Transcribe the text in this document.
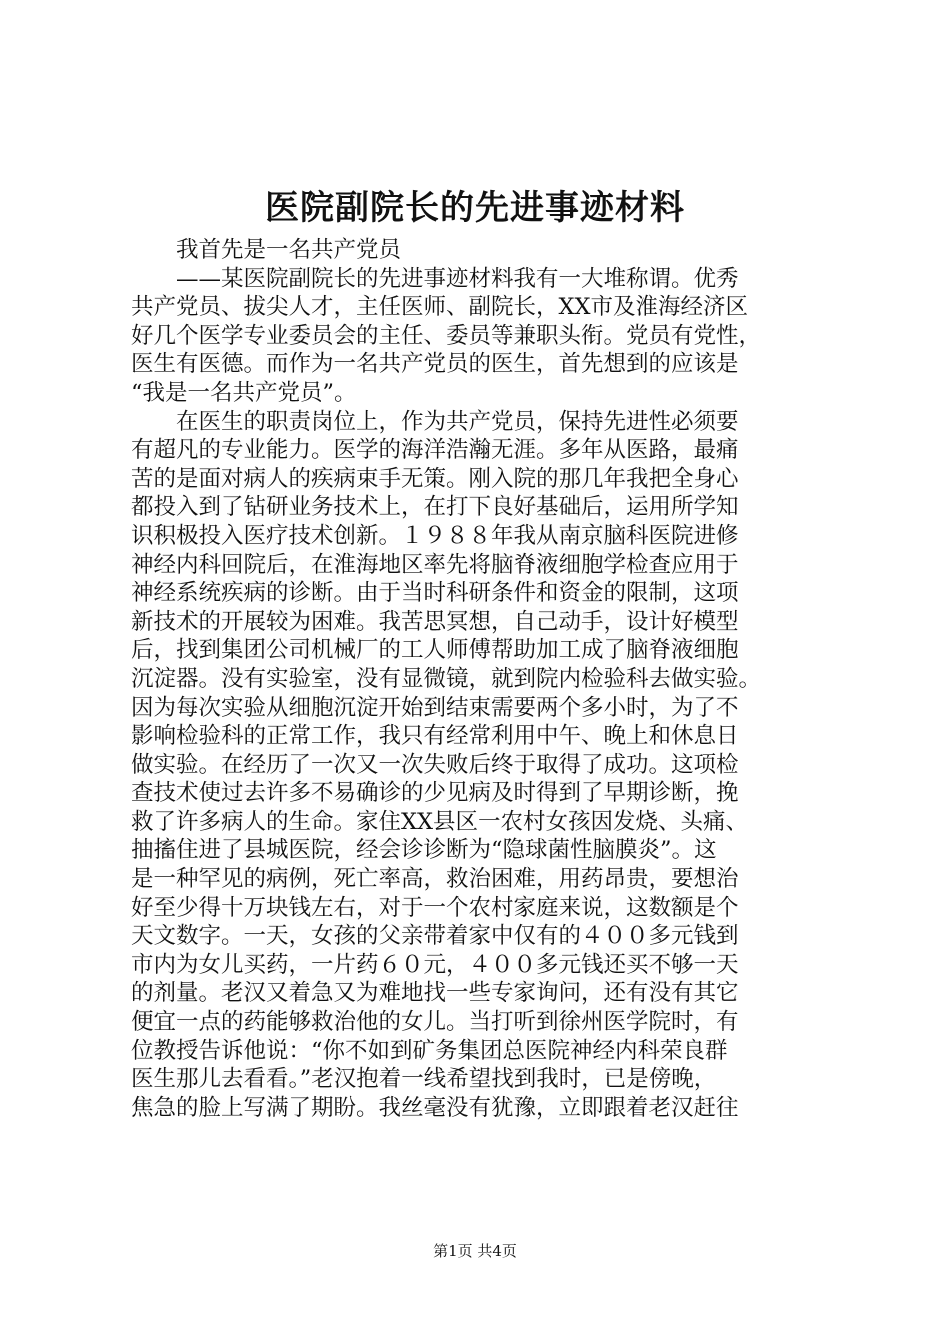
医院副院长的先进事迹材料
　　我首先是一名共产党员
　　——某医院副院长的先进事迹材料我有一大堆称谓。优秀
共产党员、拔尖人才，主任医师、副院长，XX市及淮海经济区
好几个医学专业委员会的主任、委员等兼职头衔。党员有党性，
医生有医德。而作为一名共产党员的医生，首先想到的应该是
“我是一名共产党员”。
　　在医生的职责岗位上，作为共产党员，保持先进性必须要
有超凡的专业能力。医学的海洋浩瀚无涯。多年从医路，最痛
苦的是面对病人的疾病束手无策。刚入院的那几年我把全身心
都投入到了钻研业务技术上，在打下良好基础后，运用所学知
识积极投入医疗技术创新。１９８８年我从南京脑科医院进修
神经内科回院后，在淮海地区率先将脑脊液细胞学检查应用于
神经系统疾病的诊断。由于当时科研条件和资金的限制，这项
新技术的开展较为困难。我苦思冥想，自己动手，设计好模型
后，找到集团公司机械厂的工人师傅帮助加工成了脑脊液细胞
沉淀器。没有实验室，没有显微镜，就到院内检验科去做实验。
因为每次实验从细胞沉淀开始到结束需要两个多小时，为了不
影响检验科的正常工作，我只有经常利用中午、晚上和休息日
做实验。在经历了一次又一次失败后终于取得了成功。这项检
查技术使过去许多不易确诊的少见病及时得到了早期诊断，挽
救了许多病人的生命。家住XX县区一农村女孩因发烧、头痛、
抽搐住进了县城医院，经会诊诊断为“隐球菌性脑膜炎”。这
是一种罕见的病例，死亡率高，救治困难，用药昂贵，要想治
好至少得十万块钱左右，对于一个农村家庭来说，这数额是个
天文数字。一天，女孩的父亲带着家中仅有的４００多元钱到
市内为女儿买药，一片药６０元，４００多元钱还买不够一天
的剂量。老汉又着急又为难地找一些专家询问，还有没有其它
便宜一点的药能够救治他的女儿。当打听到徐州医学院时，有
位教授告诉他说：“你不如到矿务集团总医院神经内科荣良群
医生那儿去看看。”老汉抱着一线希望找到我时，已是傍晚，
焦急的脸上写满了期盼。我丝毫没有犹豫，立即跟着老汉赶往
第1页 共4页
